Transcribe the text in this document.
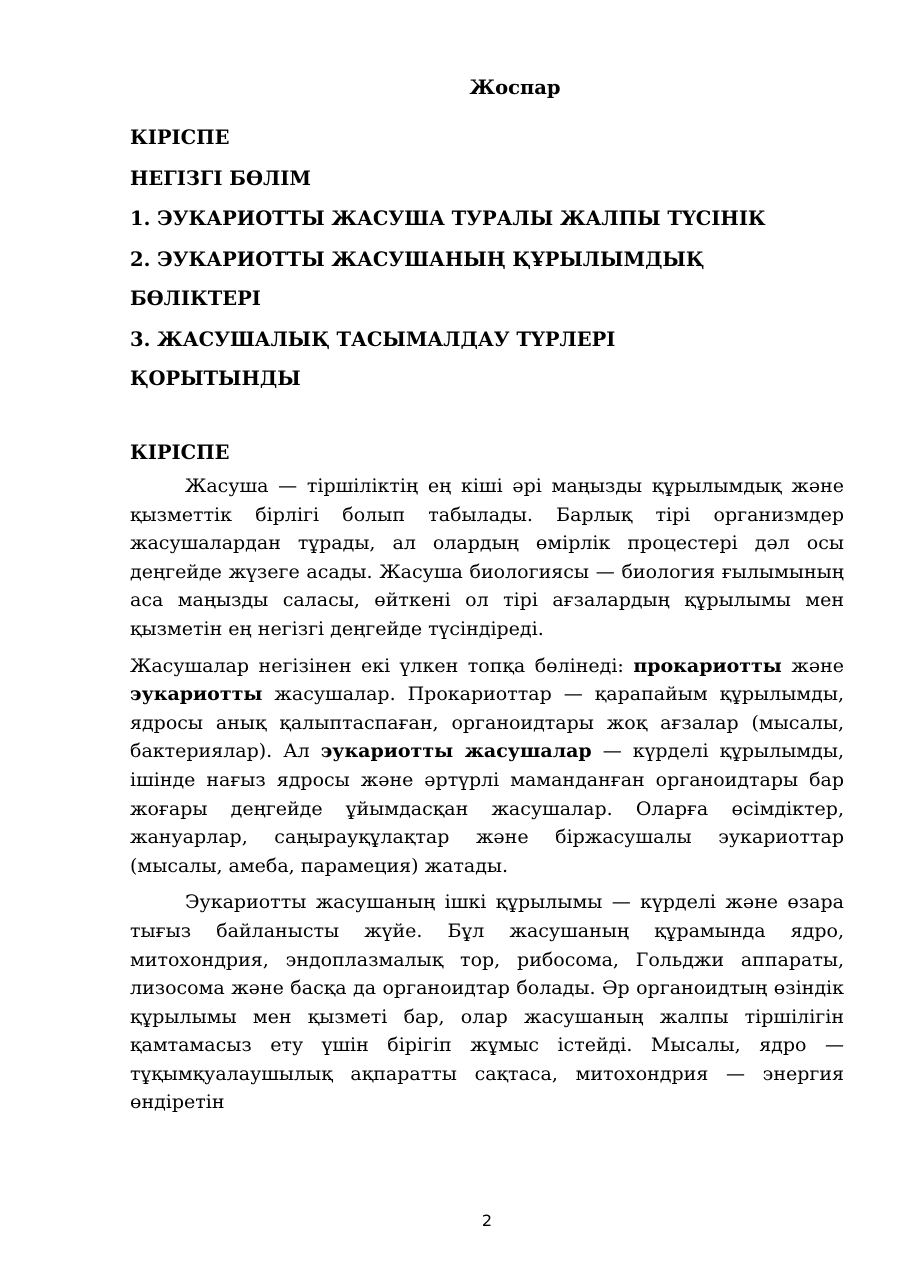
Жоспар
КІРІСПЕ
НЕГІЗГІ БӨЛІМ
1. ЭУКАРИОТТЫ ЖАСУША ТУРАЛЫ ЖАЛПЫ ТҮСІНІК
2. ЭУКАРИОТТЫ ЖАСУШАНЫҢ ҚҰРЫЛЫМДЫҚ
БӨЛІКТЕРІ
3. ЖАСУШАЛЫҚ ТАСЫМАЛДАУ ТҮРЛЕРІ
ҚОРЫТЫНДЫ
КІРІСПЕ

Жасуша — тіршіліктің ең кіші әрі маңызды құрылымдық және қызметтік бірлігі болып табылады. Барлық тірі организмдер жасушалардан тұрады, ал олардың өмірлік процестері дәл осы деңгейде жүзеге асады. Жасуша биологиясы — биология ғылымының аса маңызды саласы, өйткені ол тірі ағзалардың құрылымы мен қызметін ең негізгі деңгейде түсіндіреді.

Жасушалар негізінен екі үлкен топқа бөлінеді: прокариотты және эукариотты жасушалар. Прокариоттар — қарапайым құрылымды, ядросы анық қалыптаспаған, органоидтары жоқ ағзалар (мысалы, бактериялар). Ал эукариотты жасушалар — күрделі құрылымды, ішінде нағыз ядросы және әртүрлі маманданған органоидтары бар жоғары деңгейде ұйымдасқан жасушалар. Оларға өсімдіктер, жануарлар, саңырауқұлақтар және біржасушалы эукариоттар (мысалы, амеба, парамеция) жатады.

Эукариотты жасушаның ішкі құрылымы — күрделі және өзара тығыз байланысты жүйе. Бұл жасушаның құрамында ядро, митохондрия, эндоплазмалық тор, рибосома, Гольджи аппараты, лизосома және басқа да органоидтар болады. Әр органоидтың өзіндік құрылымы мен қызметі бар, олар жасушаның жалпы тіршілігін қамтамасыз ету үшін бірігіп жұмыс істейді. Мысалы, ядро — тұқымқуалаушылық ақпаратты сақтаса, митохондрия — энергия өндіретін

2
